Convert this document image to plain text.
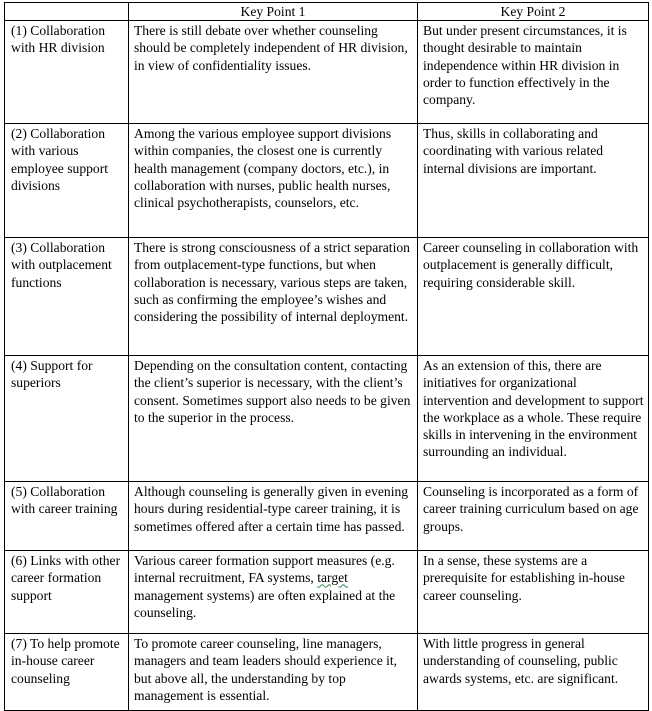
	Key Point 1	Key Point 2
(1) Collaboration with HR division	There is still debate over whether counseling should be completely independent of HR division, in view of confidentiality issues.	But under present circumstances, it is thought desirable to maintain independence within HR division in order to function effectively in the company.
(2) Collaboration with various employee support divisions	Among the various employee support divisions within companies, the closest one is currently health management (company doctors, etc.), in collaboration with nurses, public health nurses, clinical psychotherapists, counselors, etc.	Thus, skills in collaborating and coordinating with various related internal divisions are important.
(3) Collaboration with outplacement functions	There is strong consciousness of a strict separation from outplacement-type functions, but when collaboration is necessary, various steps are taken, such as confirming the employee’s wishes and considering the possibility of internal deployment.	Career counseling in collaboration with outplacement is generally difficult, requiring considerable skill.
(4) Support for superiors	Depending on the consultation content, contacting the client’s superior is necessary, with the client’s consent. Sometimes support also needs to be given to the superior in the process.	As an extension of this, there are initiatives for organizational intervention and development to support the workplace as a whole. These require skills in intervening in the environment surrounding an individual.
(5) Collaboration with career training	Although counseling is generally given in evening hours during residential-type career training, it is sometimes offered after a certain time has passed.	Counseling is incorporated as a form of career training curriculum based on age groups.
(6) Links with other career formation support	Various career formation support measures (e.g. internal recruitment, FA systems, target management systems) are often explained at the counseling.	In a sense, these systems are a prerequisite for establishing in-house career counseling.
(7) To help promote in-house career counseling	To promote career counseling, line managers, managers and team leaders should experience it, but above all, the understanding by top management is essential.	With little progress in general understanding of counseling, public awards systems, etc. are significant.
